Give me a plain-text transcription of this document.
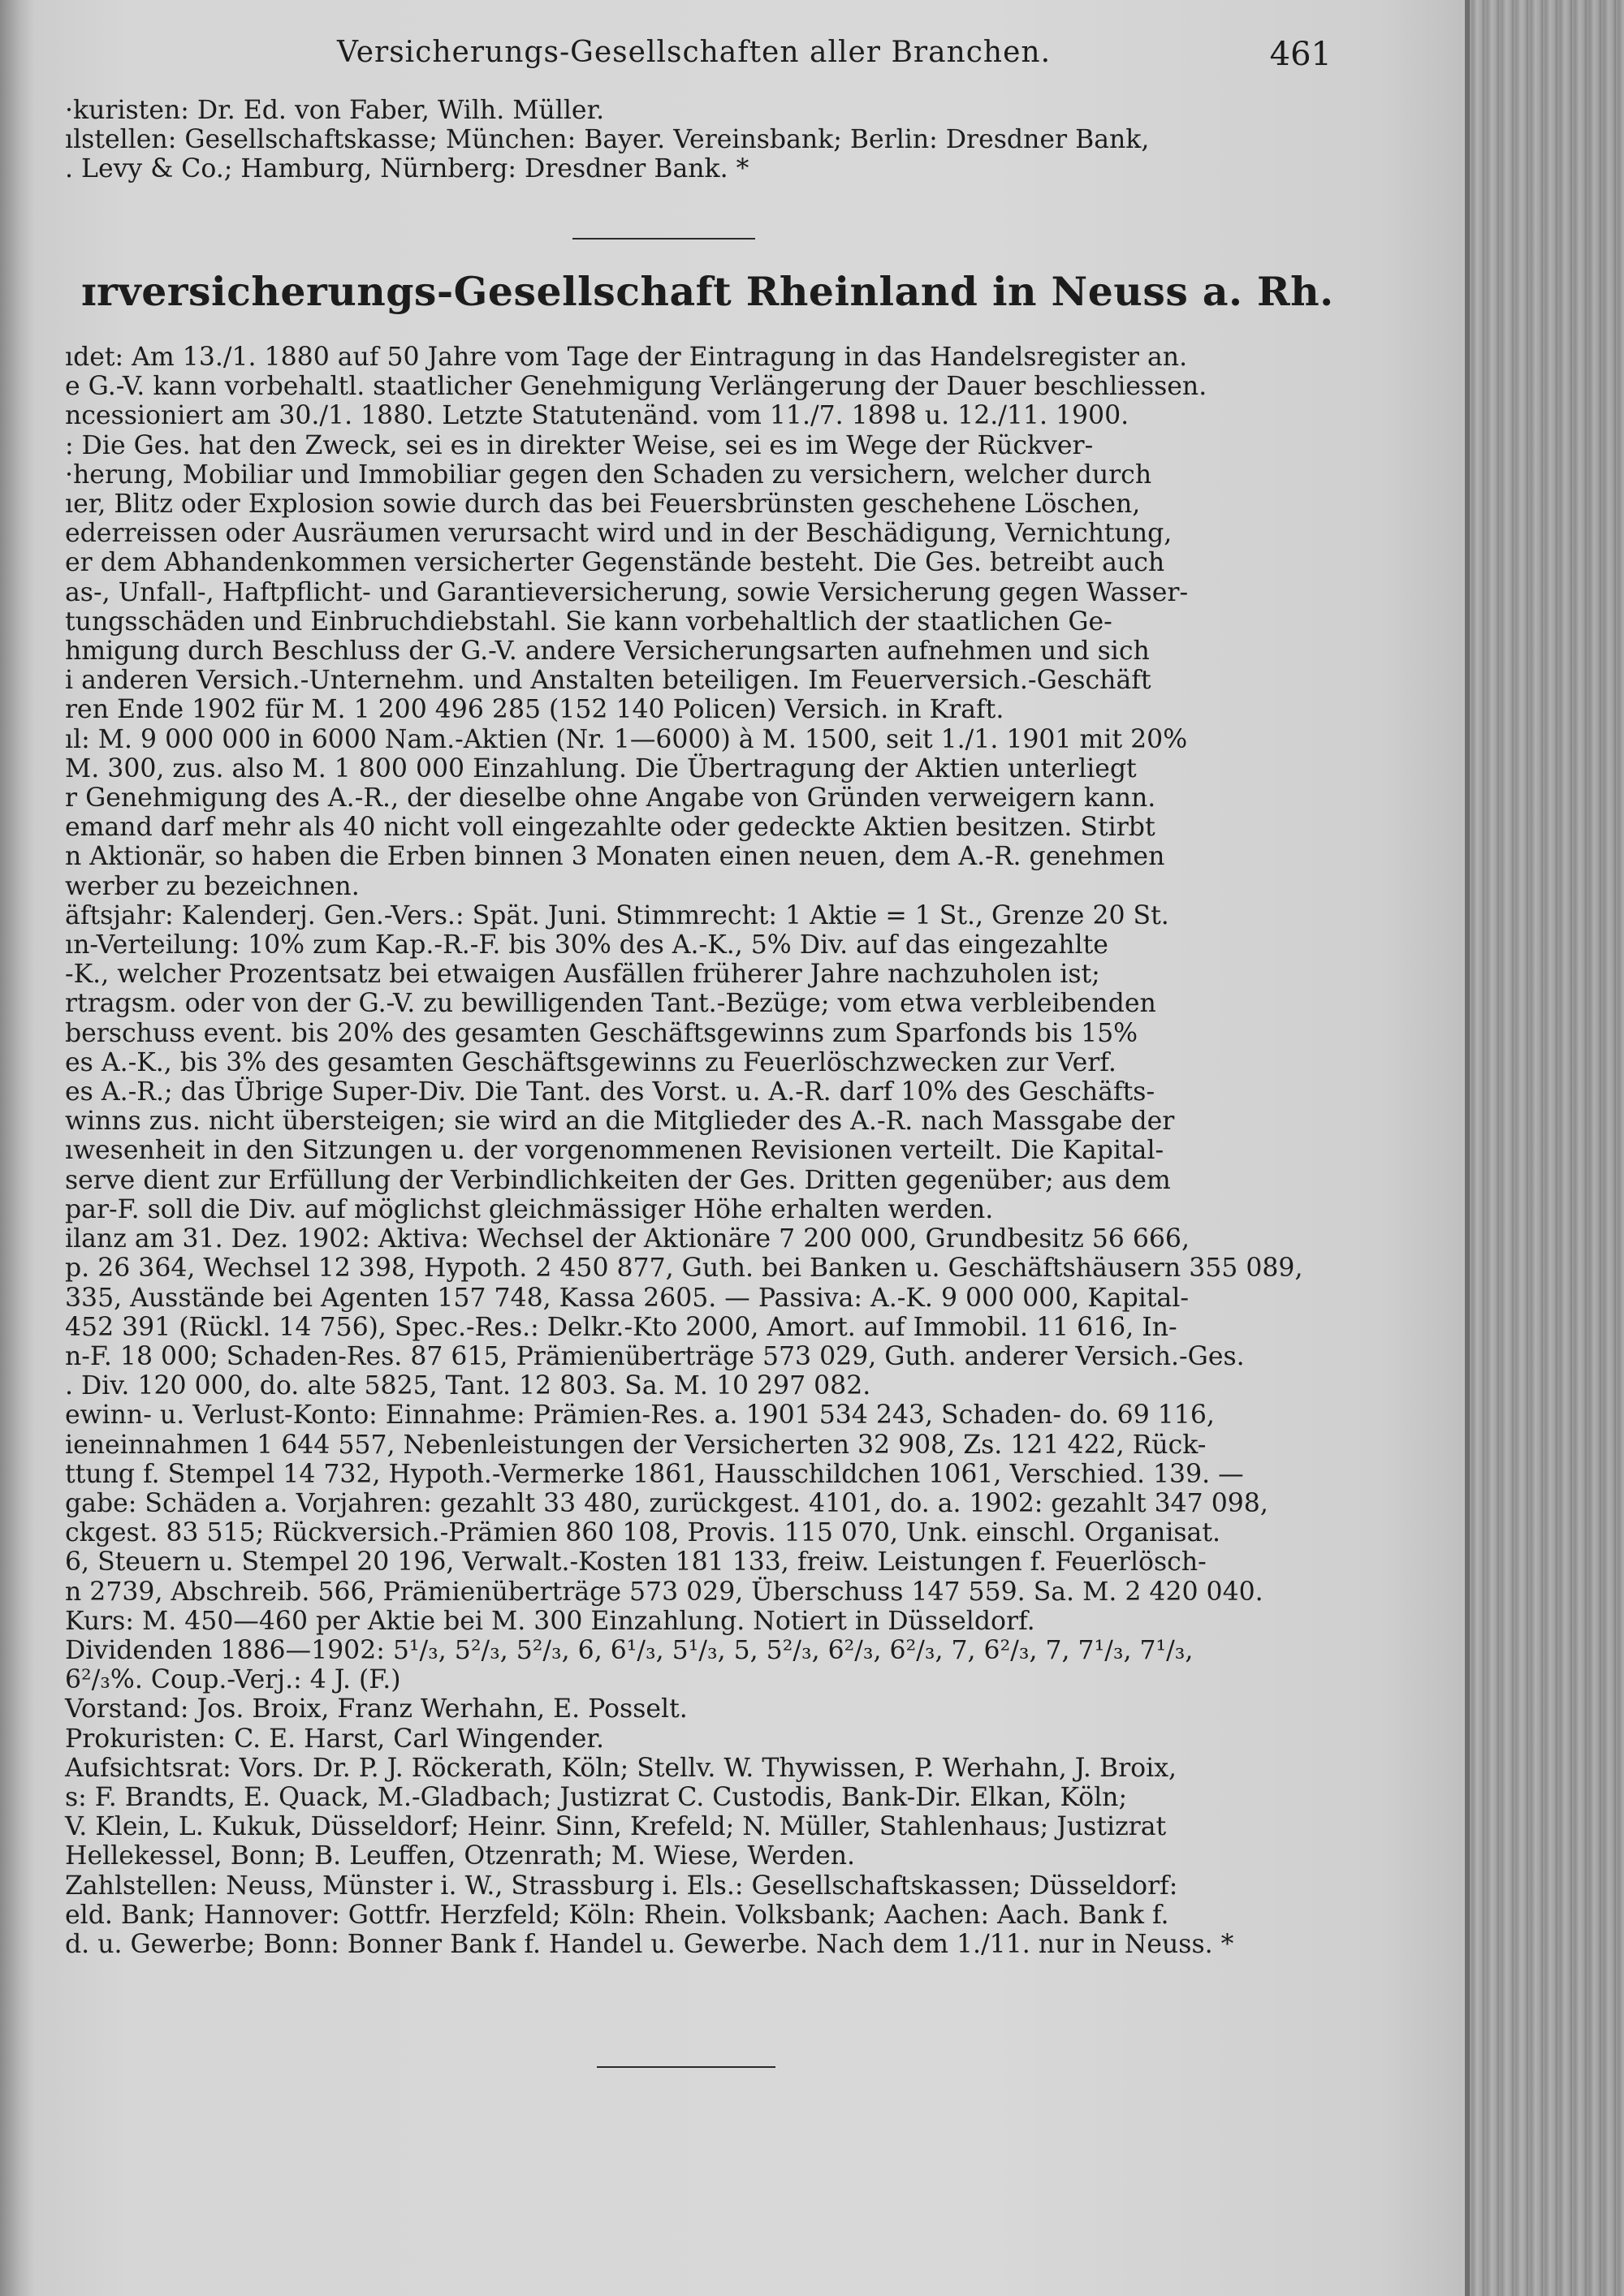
Versicherungs-Gesellschaften aller Branchen.	461
·kuristen: Dr. Ed. von Faber, Wilh. Müller.
ılstellen: Gesellschaftskasse; München: Bayer. Vereinsbank; Berlin: Dresdner Bank,
. Levy & Co.; Hamburg, Nürnberg: Dresdner Bank. *
ɪrversicherungs-Gesellschaft Rheinland in Neuss a. Rh.
ıdet: Am 13./1. 1880 auf 50 Jahre vom Tage der Eintragung in das Handelsregister an.
e G.-V. kann vorbehaltl. staatlicher Genehmigung Verlängerung der Dauer beschliessen.
ncessioniert am 30./1. 1880. Letzte Statutenänd. vom 11./7. 1898 u. 12./11. 1900.
: Die Ges. hat den Zweck, sei es in direkter Weise, sei es im Wege der Rückver-
·herung, Mobiliar und Immobiliar gegen den Schaden zu versichern, welcher durch
ıer, Blitz oder Explosion sowie durch das bei Feuersbrünsten geschehene Löschen,
ederreissen oder Ausräumen verursacht wird und in der Beschädigung, Vernichtung,
er dem Abhandenkommen versicherter Gegenstände besteht. Die Ges. betreibt auch
as-, Unfall-, Haftpflicht- und Garantieversicherung, sowie Versicherung gegen Wasser-
tungsschäden und Einbruchdiebstahl. Sie kann vorbehaltlich der staatlichen Ge-
hmigung durch Beschluss der G.-V. andere Versicherungsarten aufnehmen und sich
i anderen Versich.-Unternehm. und Anstalten beteiligen. Im Feuerversich.-Geschäft
ren Ende 1902 für M. 1 200 496 285 (152 140 Policen) Versich. in Kraft.
ıl: M. 9 000 000 in 6000 Nam.-Aktien (Nr. 1—6000) à M. 1500, seit 1./1. 1901 mit 20%
M. 300, zus. also M. 1 800 000 Einzahlung. Die Übertragung der Aktien unterliegt
r Genehmigung des A.-R., der dieselbe ohne Angabe von Gründen verweigern kann.
emand darf mehr als 40 nicht voll eingezahlte oder gedeckte Aktien besitzen. Stirbt
n Aktionär, so haben die Erben binnen 3 Monaten einen neuen, dem A.-R. genehmen
werber zu bezeichnen.
äftsjahr: Kalenderj. Gen.-Vers.: Spät. Juni. Stimmrecht: 1 Aktie = 1 St., Grenze 20 St.
ın-Verteilung: 10% zum Kap.-R.-F. bis 30% des A.-K., 5% Div. auf das eingezahlte
-K., welcher Prozentsatz bei etwaigen Ausfällen früherer Jahre nachzuholen ist;
rtragsm. oder von der G.-V. zu bewilligenden Tant.-Bezüge; vom etwa verbleibenden
berschuss event. bis 20% des gesamten Geschäftsgewinns zum Sparfonds bis 15%
es A.-K., bis 3% des gesamten Geschäftsgewinns zu Feuerlöschzwecken zur Verf.
es A.-R.; das Übrige Super-Div. Die Tant. des Vorst. u. A.-R. darf 10% des Geschäfts-
winns zus. nicht übersteigen; sie wird an die Mitglieder des A.-R. nach Massgabe der
ıwesenheit in den Sitzungen u. der vorgenommenen Revisionen verteilt. Die Kapital-
serve dient zur Erfüllung der Verbindlichkeiten der Ges. Dritten gegenüber; aus dem
par-F. soll die Div. auf möglichst gleichmässiger Höhe erhalten werden.
ilanz am 31. Dez. 1902: Aktiva: Wechsel der Aktionäre 7 200 000, Grundbesitz 56 666,
p. 26 364, Wechsel 12 398, Hypoth. 2 450 877, Guth. bei Banken u. Geschäftshäusern 355 089,
335, Ausstände bei Agenten 157 748, Kassa 2605. — Passiva: A.-K. 9 000 000, Kapital-
452 391 (Rückl. 14 756), Spec.-Res.: Delkr.-Kto 2000, Amort. auf Immobil. 11 616, In-
n-F. 18 000; Schaden-Res. 87 615, Prämienüberträge 573 029, Guth. anderer Versich.-Ges.
. Div. 120 000, do. alte 5825, Tant. 12 803. Sa. M. 10 297 082.
ewinn- u. Verlust-Konto: Einnahme: Prämien-Res. a. 1901 534 243, Schaden- do. 69 116,
ieneinnahmen 1 644 557, Nebenleistungen der Versicherten 32 908, Zs. 121 422, Rück-
ttung f. Stempel 14 732, Hypoth.-Vermerke 1861, Hausschildchen 1061, Verschied. 139. —
gabe: Schäden a. Vorjahren: gezahlt 33 480, zurückgest. 4101, do. a. 1902: gezahlt 347 098,
ckgest. 83 515; Rückversich.-Prämien 860 108, Provis. 115 070, Unk. einschl. Organisat.
6, Steuern u. Stempel 20 196, Verwalt.-Kosten 181 133, freiw. Leistungen f. Feuerlösch-
n 2739, Abschreib. 566, Prämienüberträge 573 029, Überschuss 147 559. Sa. M. 2 420 040.
Kurs: M. 450—460 per Aktie bei M. 300 Einzahlung. Notiert in Düsseldorf.
Dividenden 1886—1902: 5¹/₃, 5²/₃, 5²/₃, 6, 6¹/₃, 5¹/₃, 5, 5²/₃, 6²/₃, 6²/₃, 7, 6²/₃, 7, 7¹/₃, 7¹/₃,
6²/₃%. Coup.-Verj.: 4 J. (F.)
Vorstand: Jos. Broix, Franz Werhahn, E. Posselt.
Prokuristen: C. E. Harst, Carl Wingender.
Aufsichtsrat: Vors. Dr. P. J. Röckerath, Köln; Stellv. W. Thywissen, P. Werhahn, J. Broix,
s: F. Brandts, E. Quack, M.-Gladbach; Justizrat C. Custodis, Bank-Dir. Elkan, Köln;
V. Klein, L. Kukuk, Düsseldorf; Heinr. Sinn, Krefeld; N. Müller, Stahlenhaus; Justizrat
Hellekessel, Bonn; B. Leuffen, Otzenrath; M. Wiese, Werden.
Zahlstellen: Neuss, Münster i. W., Strassburg i. Els.: Gesellschaftskassen; Düsseldorf:
eld. Bank; Hannover: Gottfr. Herzfeld; Köln: Rhein. Volksbank; Aachen: Aach. Bank f.
d. u. Gewerbe; Bonn: Bonner Bank f. Handel u. Gewerbe. Nach dem 1./11. nur in Neuss. *
